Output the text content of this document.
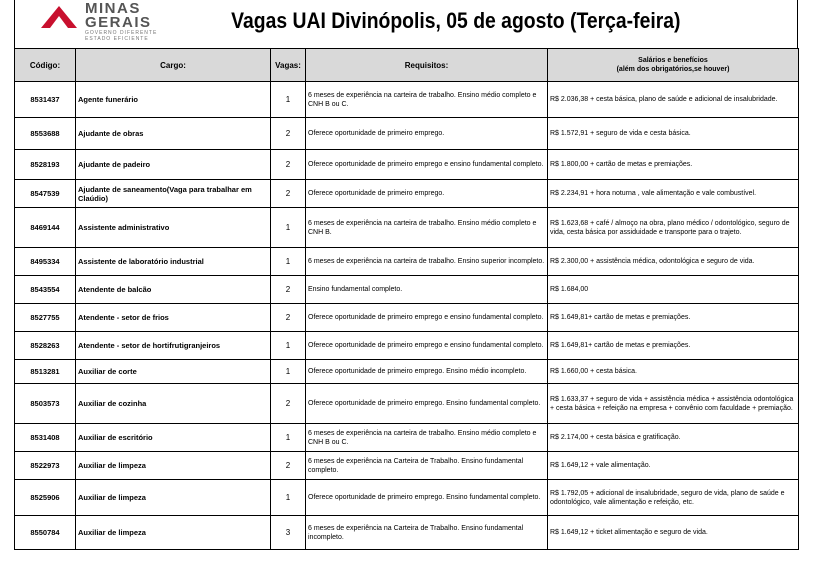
MINAS
GERAIS
GOVERNO DIFERENTE
ESTADO EFICIENTE
Vagas UAI Divinópolis, 05 de agosto (Terça-feira)
Código:	Cargo:	Vagas:	Requisitos:	Salários e benefícios
(além dos obrigatórios,se houver)

8531437	Agente funerário	1	6 meses de experiência na carteira de trabalho. Ensino médio completo e CNH B ou C.	R$ 2.036,38 + cesta básica, plano de saúde e adicional de insalubridade.
8553688	Ajudante de obras	2	Oferece oportunidade de primeiro emprego.	R$ 1.572,91 + seguro de vida e cesta básica.
8528193	Ajudante de padeiro	2	Oferece oportunidade de primeiro emprego e ensino fundamental completo.	R$ 1.800,00 + cartão de metas e premiações.
8547539	Ajudante de saneamento(Vaga para trabalhar em Claúdio)	2	Oferece oportunidade de primeiro emprego.	R$ 2.234,91 + hora noturna , vale alimentação e vale combustível.
8469144	Assistente administrativo	1	6 meses de experiência na carteira de trabalho. Ensino médio completo e CNH B.	R$ 1.623,68 + café / almoço na obra, plano médico / odontológico, seguro de vida, cesta básica por assiduidade e transporte para o trajeto.
8495334	Assistente de laboratório industrial	1	6 meses de experiência na carteira de trabalho. Ensino superior incompleto.	R$ 2.300,00 + assistência médica, odontológica e seguro de vida.
8543554	Atendente de balcão	2	Ensino fundamental completo.	R$ 1.684,00
8527755	Atendente - setor de frios	2	Oferece oportunidade de primeiro emprego e ensino fundamental completo.	R$ 1.649,81+ cartão de metas e premiações.
8528263	Atendente - setor de hortifrutigranjeiros	1	Oferece oportunidade de primeiro emprego e ensino fundamental completo.	R$ 1.649,81+ cartão de metas e premiações.
8513281	Auxiliar de corte	1	Oferece oportunidade de primeiro emprego. Ensino médio incompleto.	R$ 1.660,00 + cesta básica.
8503573	Auxiliar de cozinha	2	Oferece oportunidade de primeiro emprego. Ensino fundamental completo.	R$ 1.633,37 + seguro de vida + assistência médica + assistência odontológica + cesta básica + refeição na empresa + convênio com faculdade + premiação.
8531408	Auxiliar de escritório	1	6 meses de experiência na carteira de trabalho. Ensino médio completo e CNH B ou C.	R$ 2.174,00 + cesta básica e gratificação.
8522973	Auxiliar de limpeza	2	6 meses de experiência na Carteira de Trabalho. Ensino fundamental completo.	R$ 1.649,12 + vale alimentação.
8525906	Auxiliar de limpeza	1	Oferece oportunidade de primeiro emprego. Ensino fundamental completo.	R$ 1.792,05 + adicional de insalubridade, seguro de vida, plano de saúde e odontológico, vale alimentação e refeição, etc.
8550784	Auxiliar de limpeza	3	6 meses de experiência na Carteira de Trabalho. Ensino fundamental incompleto.	R$ 1.649,12 + ticket alimentação e seguro de vida.
